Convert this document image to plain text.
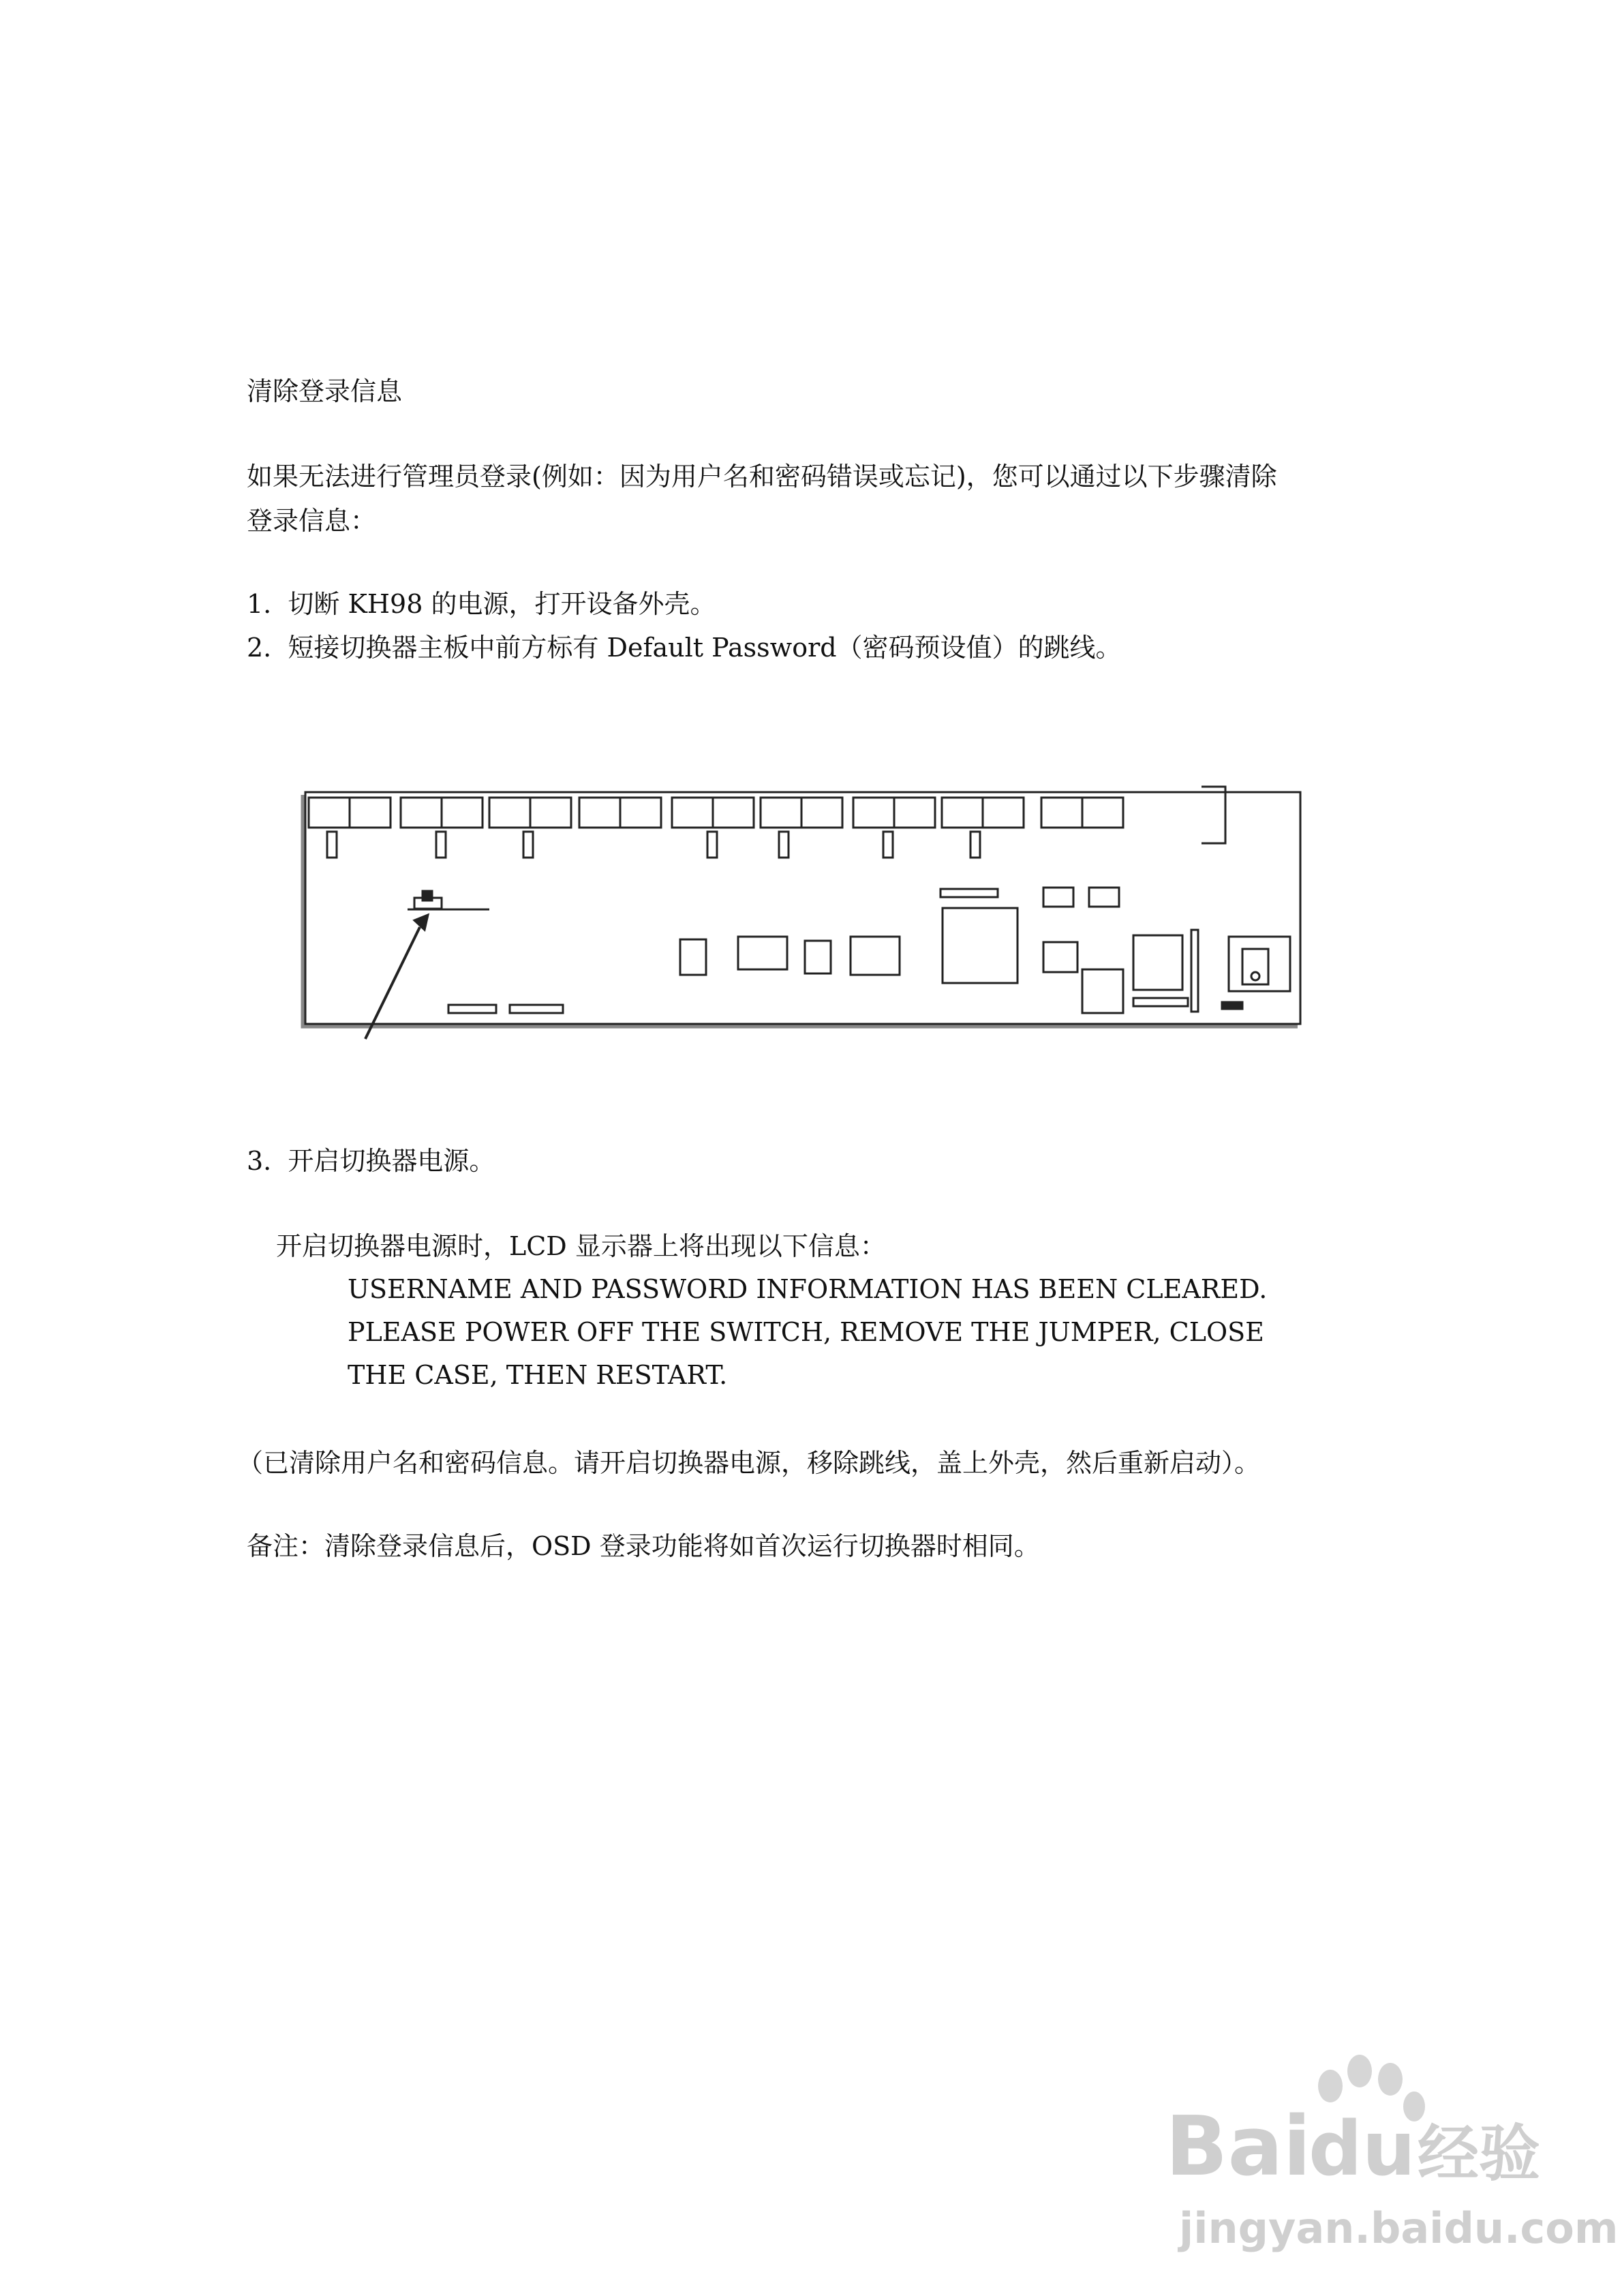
清除登录信息
如果无法进行管理员登录(例如：因为用户名和密码错误或忘记)，您可以通过以下步骤清除
登录信息：
1.  切断 KH98 的电源，打开设备外壳。
2.  短接切换器主板中前方标有 Default Password（密码预设值）的跳线。
3.  开启切换器电源。
开启切换器电源时，LCD 显示器上将出现以下信息：
USERNAME AND PASSWORD INFORMATION HAS BEEN CLEARED.
PLEASE POWER OFF THE SWITCH, REMOVE THE JUMPER, CLOSE
THE CASE, THEN RESTART.
（已清除用户名和密码信息。请开启切换器电源，移除跳线，盖上外壳，然后重新启动）。
备注：清除登录信息后，OSD 登录功能将如首次运行切换器时相同。
Bai
du 经验
jingyan.baidu.com
